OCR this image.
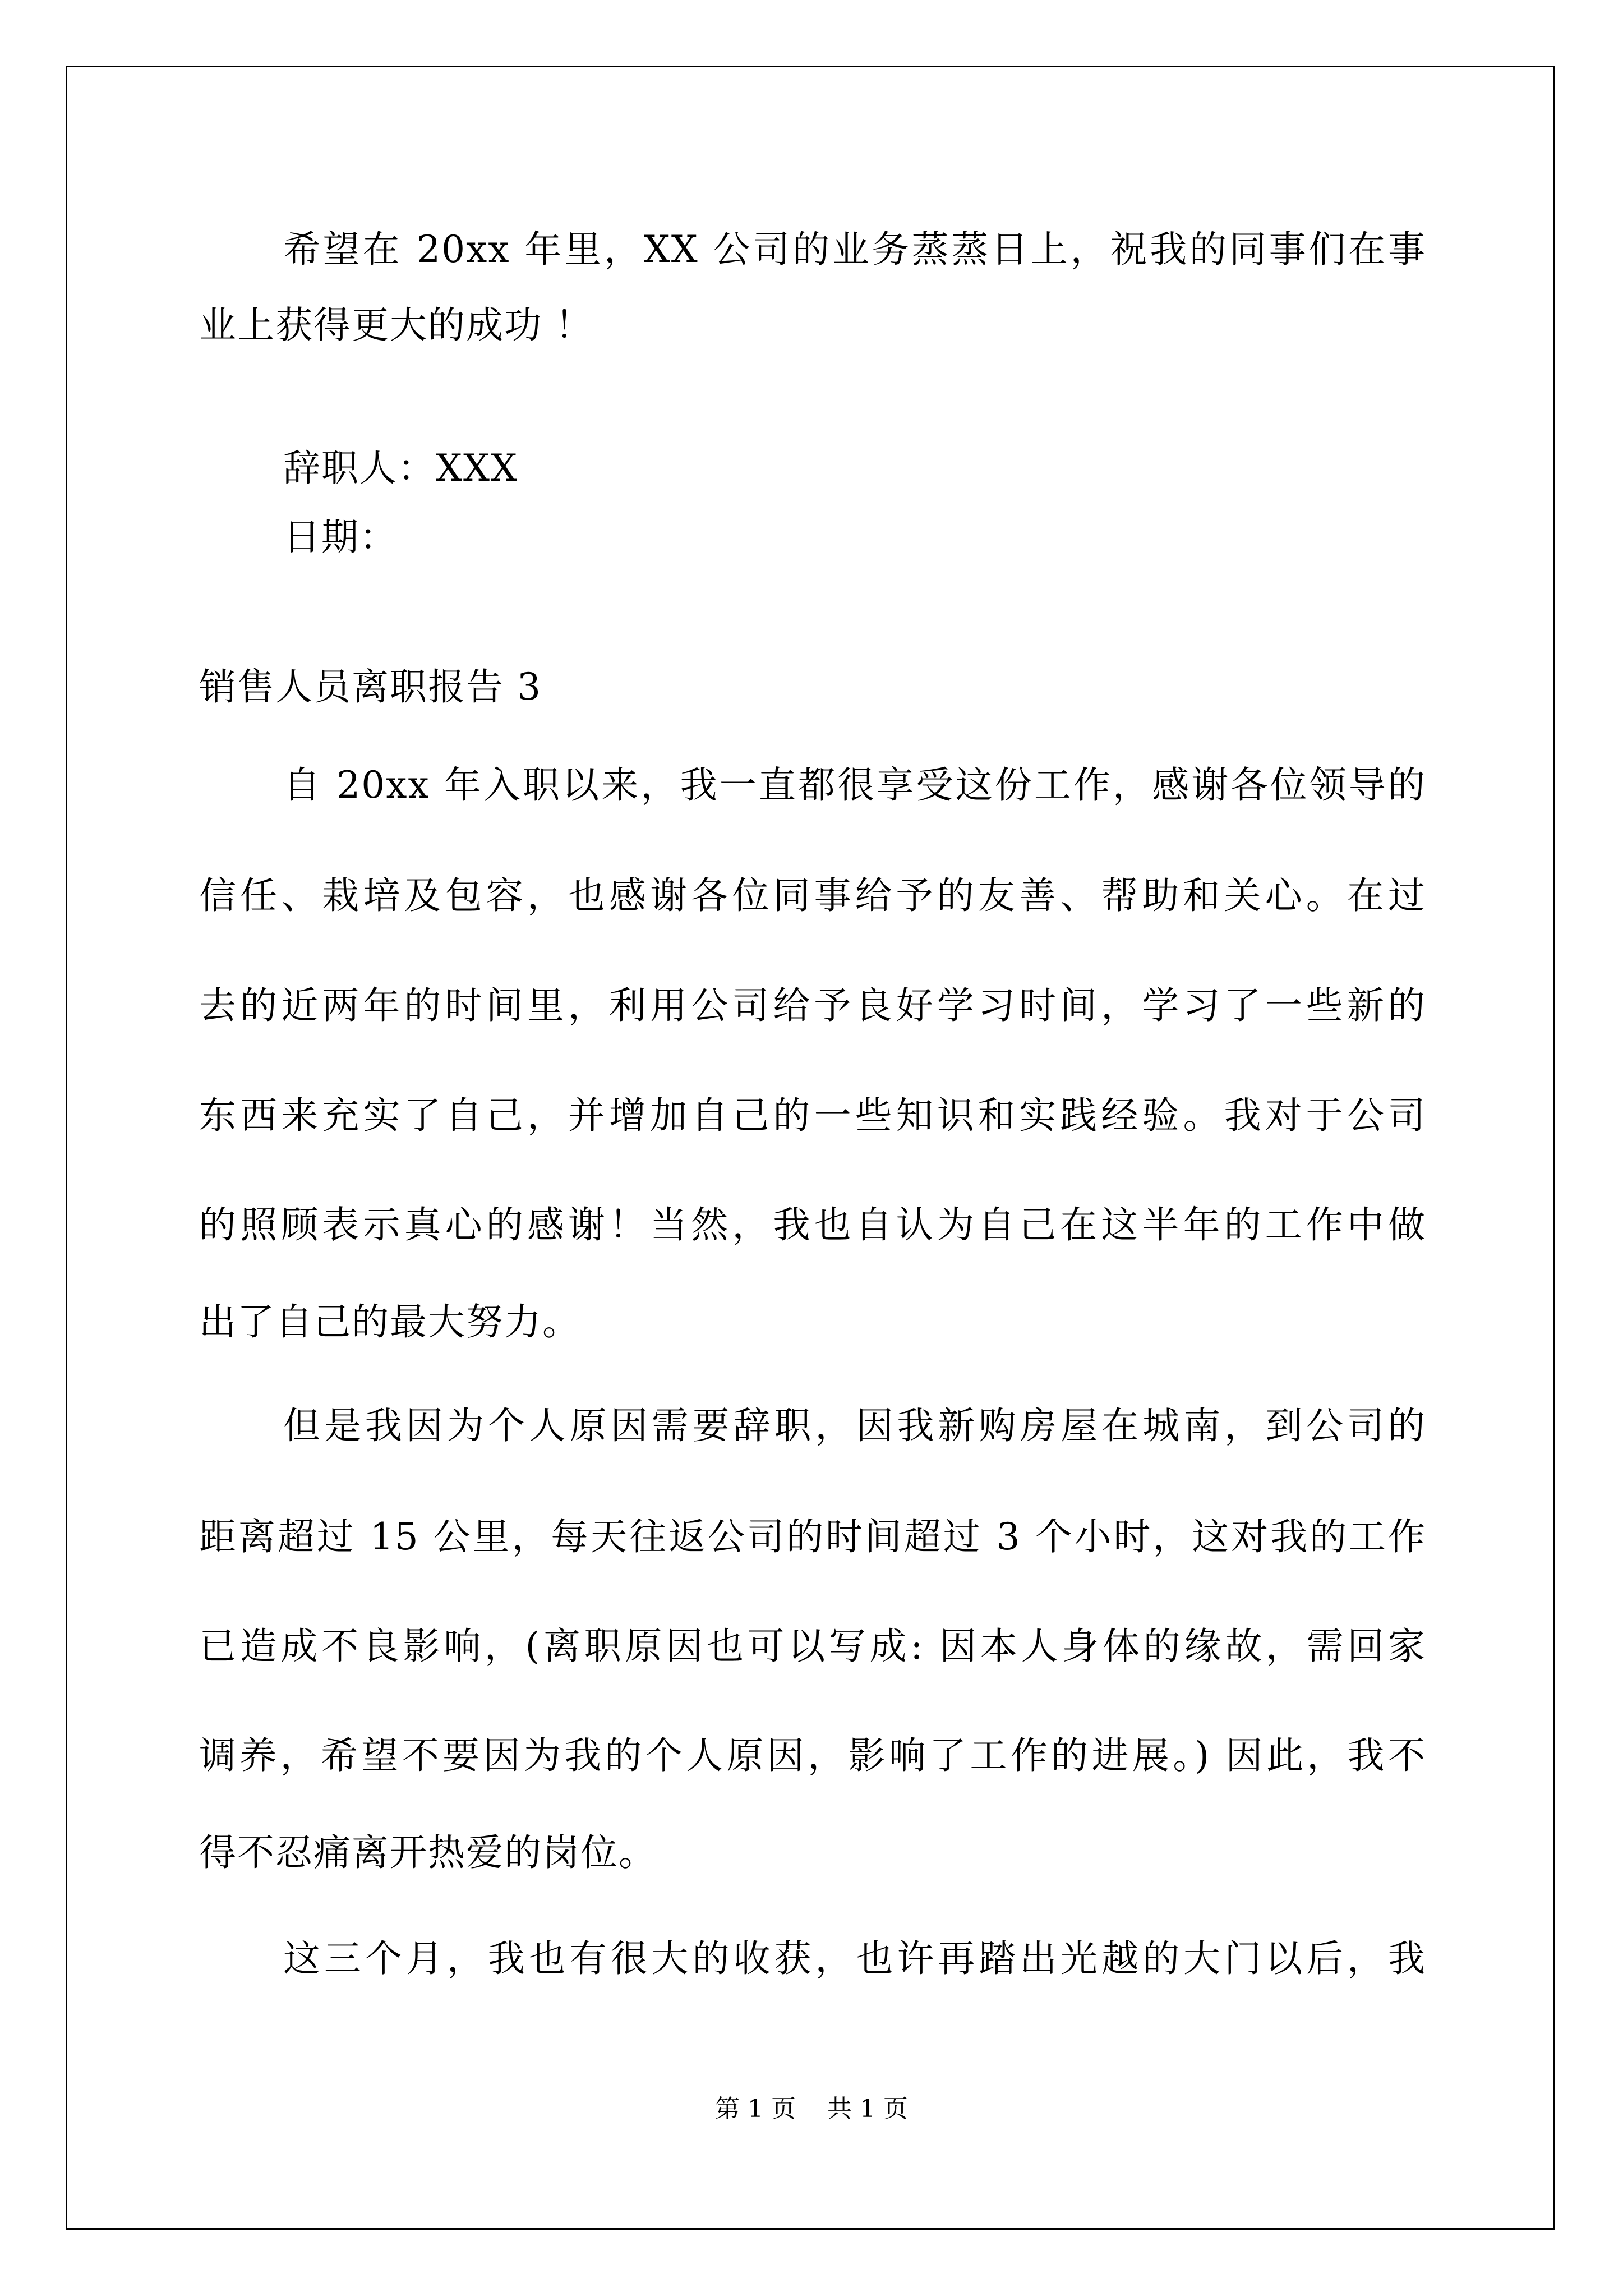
希望在 20xx 年里，XX 公司的业务蒸蒸日上，祝我的同事们在事
业上获得更大的成功 ！
辞职人：XXX
日期：
销售人员离职报告 3
自 20xx 年入职以来，我一直都很享受这份工作，感谢各位领导的
信任、栽培及包容，也感谢各位同事给予的友善、帮助和关心。在过
去的近两年的时间里，利用公司给予良好学习时间，学习了一些新的
东西来充实了自己，并增加自己的一些知识和实践经验。我对于公司
的照顾表示真心的感谢！当然，我也自认为自己在这半年的工作中做
出了自己的最大努力。
但是我因为个人原因需要辞职，因我新购房屋在城南，到公司的
距离超过 15 公里，每天往返公司的时间超过 3 个小时，这对我的工作
已造成不良影响，(离职原因也可以写成: 因本人身体的缘故，需回家
调养，希望不要因为我的个人原因，影响了工作的进展。) 因此，我不
得不忍痛离开热爱的岗位。
这三个月，我也有很大的收获，也许再踏出光越的大门以后，我
第 1 页    共 1 页
